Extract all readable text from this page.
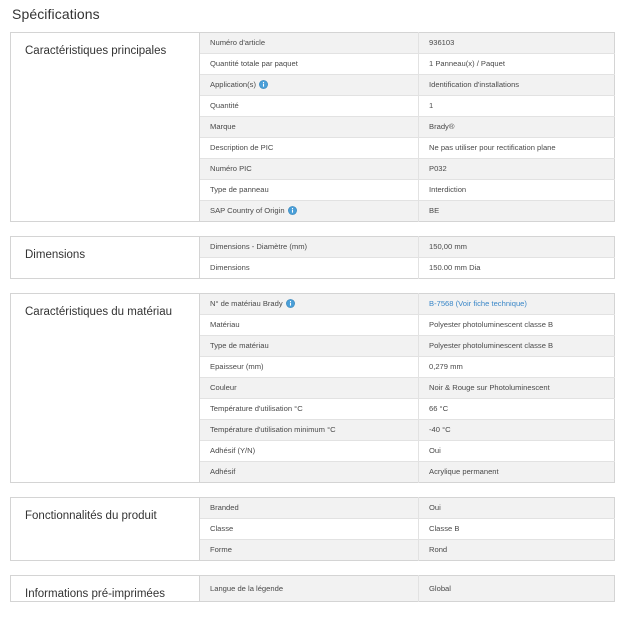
Spécifications
Caractéristiques principales	Numéro d'article	936103
	Quantité totale par paquet	1 Panneau(x) / Paquet
	Application(s)	Identification d'installations
	Quantité	1
	Marque	Brady®
	Description de PIC	Ne pas utiliser pour rectification plane
	Numéro PIC	P032
	Type de panneau	Interdiction
	SAP Country of Origin	BE
Dimensions	Dimensions - Diamètre (mm)	150,00 mm
	Dimensions	150.00 mm Dia
Caractéristiques du matériau	N° de matériau Brady	B-7568 (Voir fiche technique)
	Matériau	Polyester photoluminescent classe B
	Type de matériau	Polyester photoluminescent classe B
	Epaisseur (mm)	0,279 mm
	Couleur	Noir & Rouge sur Photoluminescent
	Température d'utilisation °C	66 °C
	Température d'utilisation minimum °C	-40 °C
	Adhésif (Y/N)	Oui
	Adhésif	Acrylique permanent
Fonctionnalités du produit	Branded	Oui
	Classe	Classe B
	Forme	Rond
Informations pré-imprimées	Langue de la légende	Global
